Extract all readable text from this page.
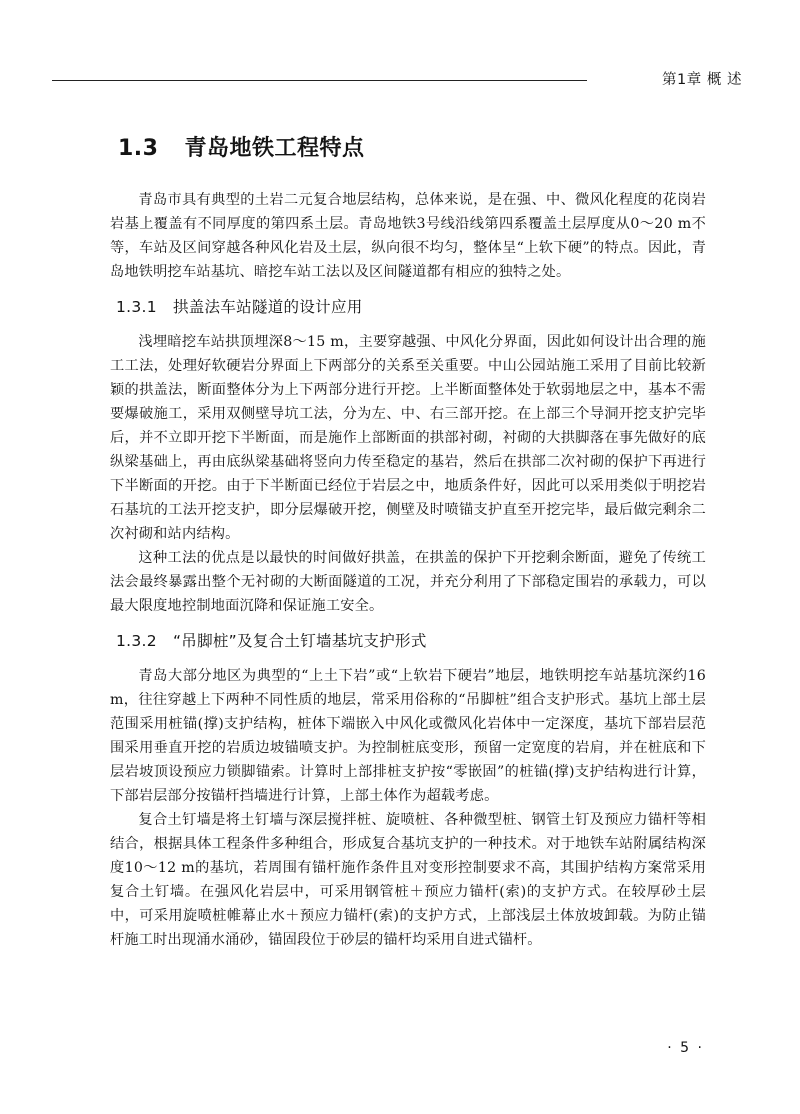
第1章 概 述
1.3 青岛地铁工程特点

青岛市具有典型的土岩二元复合地层结构，总体来说，是在强、中、微风化程度的花岗岩岩基上覆盖有不同厚度的第四系土层。青岛地铁3号线沿线第四系覆盖土层厚度从0～20 m不等，车站及区间穿越各种风化岩及土层，纵向很不均匀，整体呈“上软下硬”的特点。因此，青岛地铁明挖车站基坑、暗挖车站工法以及区间隧道都有相应的独特之处。

1.3.1 拱盖法车站隧道的设计应用

浅埋暗挖车站拱顶埋深8～15 m，主要穿越强、中风化分界面，因此如何设计出合理的施工工法，处理好软硬岩分界面上下两部分的关系至关重要。中山公园站施工采用了目前比较新颖的拱盖法，断面整体分为上下两部分进行开挖。上半断面整体处于软弱地层之中，基本不需要爆破施工，采用双侧壁导坑工法，分为左、中、右三部开挖。在上部三个导洞开挖支护完毕后，并不立即开挖下半断面，而是施作上部断面的拱部衬砌，衬砌的大拱脚落在事先做好的底纵梁基础上，再由底纵梁基础将竖向力传至稳定的基岩，然后在拱部二次衬砌的保护下再进行下半断面的开挖。由于下半断面已经位于岩层之中，地质条件好，因此可以采用类似于明挖岩石基坑的工法开挖支护，即分层爆破开挖，侧壁及时喷锚支护直至开挖完毕，最后做完剩余二次衬砌和站内结构。

这种工法的优点是以最快的时间做好拱盖，在拱盖的保护下开挖剩余断面，避免了传统工法会最终暴露出整个无衬砌的大断面隧道的工况，并充分利用了下部稳定围岩的承载力，可以最大限度地控制地面沉降和保证施工安全。

1.3.2 “吊脚桩”及复合土钉墙基坑支护形式

青岛大部分地区为典型的“上土下岩”或“上软岩下硬岩”地层，地铁明挖车站基坑深约16 m，往往穿越上下两种不同性质的地层，常采用俗称的“吊脚桩”组合支护形式。基坑上部土层范围采用桩锚(撑)支护结构，桩体下端嵌入中风化或微风化岩体中一定深度，基坑下部岩层范围采用垂直开挖的岩质边坡锚喷支护。为控制桩底变形，预留一定宽度的岩肩，并在桩底和下层岩坡顶设预应力锁脚锚索。计算时上部排桩支护按“零嵌固”的桩锚(撑)支护结构进行计算，下部岩层部分按锚杆挡墙进行计算，上部土体作为超载考虑。

复合土钉墙是将土钉墙与深层搅拌桩、旋喷桩、各种微型桩、钢管土钉及预应力锚杆等相结合，根据具体工程条件多种组合，形成复合基坑支护的一种技术。对于地铁车站附属结构深度10～12 m的基坑，若周围有锚杆施作条件且对变形控制要求不高，其围护结构方案常采用复合土钉墙。在强风化岩层中，可采用钢管桩＋预应力锚杆(索)的支护方式。在较厚砂土层中，可采用旋喷桩帷幕止水＋预应力锚杆(索)的支护方式，上部浅层土体放坡卸载。为防止锚杆施工时出现涌水涌砂，锚固段位于砂层的锚杆均采用自进式锚杆。

· 5 ·
